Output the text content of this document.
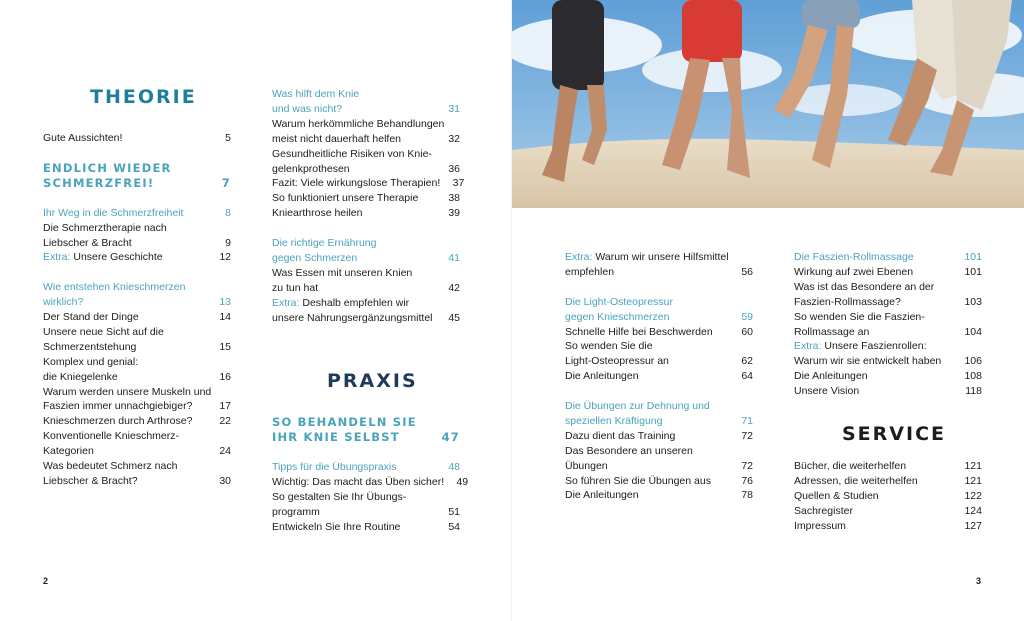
THEORIE
Gute Aussichten!	5
ENDLICH WIEDER
SCHMERZFREI!	7
Ihr Weg in die Schmerzfreiheit	8
Die Schmerztherapie nach
Liebscher & Bracht	9
Extra: Unsere Geschichte	12
Wie entstehen Knieschmerzen
wirklich?	13
Der Stand der Dinge	14
Unsere neue Sicht auf die
Schmerzentstehung	15
Komplex und genial:
die Kniegelenke	16
Warum werden unsere Muskeln und
Faszien immer unnachgiebiger?	17
Knieschmerzen durch Arthrose?	22
Konventionelle Knieschmerz-
Kategorien	24
Was bedeutet Schmerz nach
Liebscher & Bracht?	30
Was hilft dem Knie
und was nicht?	31
Warum herkömmliche Behandlungen
meist nicht dauerhaft helfen	32
Gesundheitliche Risiken von Knie-
gelenkprothesen	36
Fazit: Viele wirkungslose Therapien!	37
So funktioniert unsere Therapie	38
Kniearthrose heilen	39
Die richtige Ernährung
gegen Schmerzen	41
Was Essen mit unseren Knien
zu tun hat	42
Extra: Deshalb empfehlen wir
unsere Nahrungsergänzungsmittel	45
PRAXIS
SO BEHANDELN SIE
IHR KNIE SELBST	47
Tipps für die Übungspraxis	48
Wichtig: Das macht das Üben sicher!	49
So gestalten Sie Ihr Übungs-
programm	51
Entwickeln Sie Ihre Routine	54
2
Extra: Warum wir unsere Hilfsmittel
empfehlen	56
Die Light-Osteopressur
gegen Knieschmerzen	59
Schnelle Hilfe bei Beschwerden	60
So wenden Sie die
Light-Osteopressur an	62
Die Anleitungen	64
Die Übungen zur Dehnung und
speziellen Kräftigung	71
Dazu dient das Training	72
Das Besondere an unseren
Übungen	72
So führen Sie die Übungen aus	76
Die Anleitungen	78
Die Faszien-Rollmassage	101
Wirkung auf zwei Ebenen	101
Was ist das Besondere an der
Faszien-Rollmassage?	103
So wenden Sie die Faszien-
Rollmassage an	104
Extra: Unsere Faszienrollen:
Warum wir sie entwickelt haben	106
Die Anleitungen	108
Unsere Vision	118
SERVICE
Bücher, die weiterhelfen	121
Adressen, die weiterhelfen	121
Quellen & Studien	122
Sachregister	124
Impressum	127
3
